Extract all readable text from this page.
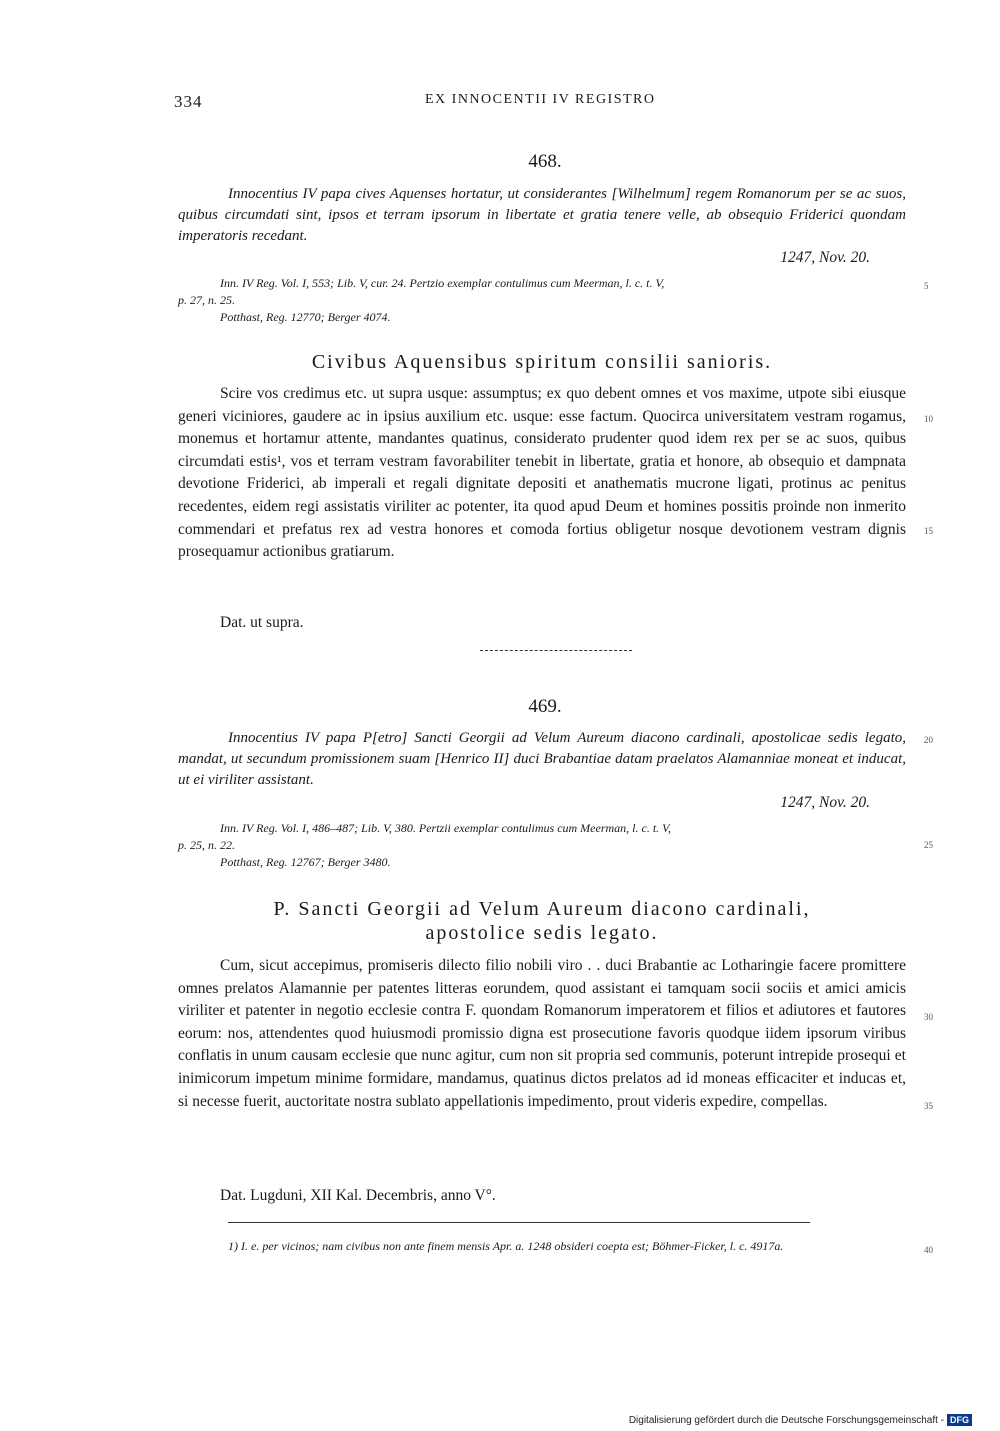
334	EX INNOCENTII IV REGISTRO
468.
Innocentius IV papa cives Aquenses hortatur, ut considerantes [Wilhelmum] regem Romanorum per se ac suos, quibus circumdati sint, ipsos et terram ipsorum in libertate et gratia tenere velle, ab obsequio Friderici quondam imperatoris recedant.
1247, Nov. 20.
Inn. IV Reg. Vol. I, 553; Lib. V, cur. 24. Pertzio exemplar contulimus cum Meerman, l. c. t. V,
p. 27, n. 25.
Potthast, Reg. 12770; Berger 4074.
Civibus Aquensibus spiritum consilii sanioris.

Scire vos credimus etc. ut supra usque: assumptus; ex quo debent omnes et vos maxime, utpote sibi eiusque generi viciniores, gaudere ac in ipsius auxilium etc. usque: esse factum. Quocirca universitatem vestram rogamus, monemus et hortamur attente, mandantes quatinus, considerato prudenter quod idem rex per se ac suos, quibus circumdati estis¹, vos et terram vestram favorabiliter tenebit in libertate, gratia et honore, ab obsequio et dampnata devotione Friderici, ab imperali et regali dignitate depositi et anathematis mucrone ligati, protinus ac penitus recedentes, eidem regi assistatis viriliter ac potenter, ita quod apud Deum et homines possitis proinde non inmerito commendari et prefatus rex ad vestra honores et comoda fortius obligetur nosque devotionem vestram dignis prosequamur actionibus gratiarum.

Dat. ut supra.
469.
Innocentius IV papa P[etro] Sancti Georgii ad Velum Aureum diacono cardinali, apostolicae sedis legato, mandat, ut secundum promissionem suam [Henrico II] duci Brabantiae datam praelatos Alamanniae moneat et inducat, ut ei viriliter assistant.
1247, Nov. 20.
Inn. IV Reg. Vol. I, 486–487; Lib. V, 380. Pertzii exemplar contulimus cum Meerman, l. c. t. V,
p. 25, n. 22.
Potthast, Reg. 12767; Berger 3480.
P. Sancti Georgii ad Velum Aureum diacono cardinali,
apostolice sedis legato.

Cum, sicut accepimus, promiseris dilecto filio nobili viro . . duci Brabantie ac Lotharingie facere promittere omnes prelatos Alamannie per patentes litteras eorundem, quod assistant ei tamquam socii sociis et amici amicis viriliter et patenter in negotio ecclesie contra F. quondam Romanorum imperatorem et filios et adiutores et fautores eorum: nos, attendentes quod huiusmodi promissio digna est prosecutione favoris quodque iidem ipsorum viribus conflatis in unum causam ecclesie que nunc agitur, cum non sit propria sed communis, poterunt intrepide prosequi et inimicorum impetum minime formidare, mandamus, quatinus dictos prelatos ad id moneas efficaciter et inducas et, si necesse fuerit, auctoritate nostra sublato appellationis impedimento, prout videris expedire, compellas.

Dat. Lugduni, XII Kal. Decembris, anno V°.
1) I. e. per vicinos; nam civibus non ante finem mensis Apr. a. 1248 obsideri coepta est; Böhmer-Ficker, l. c. 4917a.
5
10
15
20
25
30
35
40
Digitalisierung gefördert durch die Deutsche Forschungsgemeinschaft - DFG
